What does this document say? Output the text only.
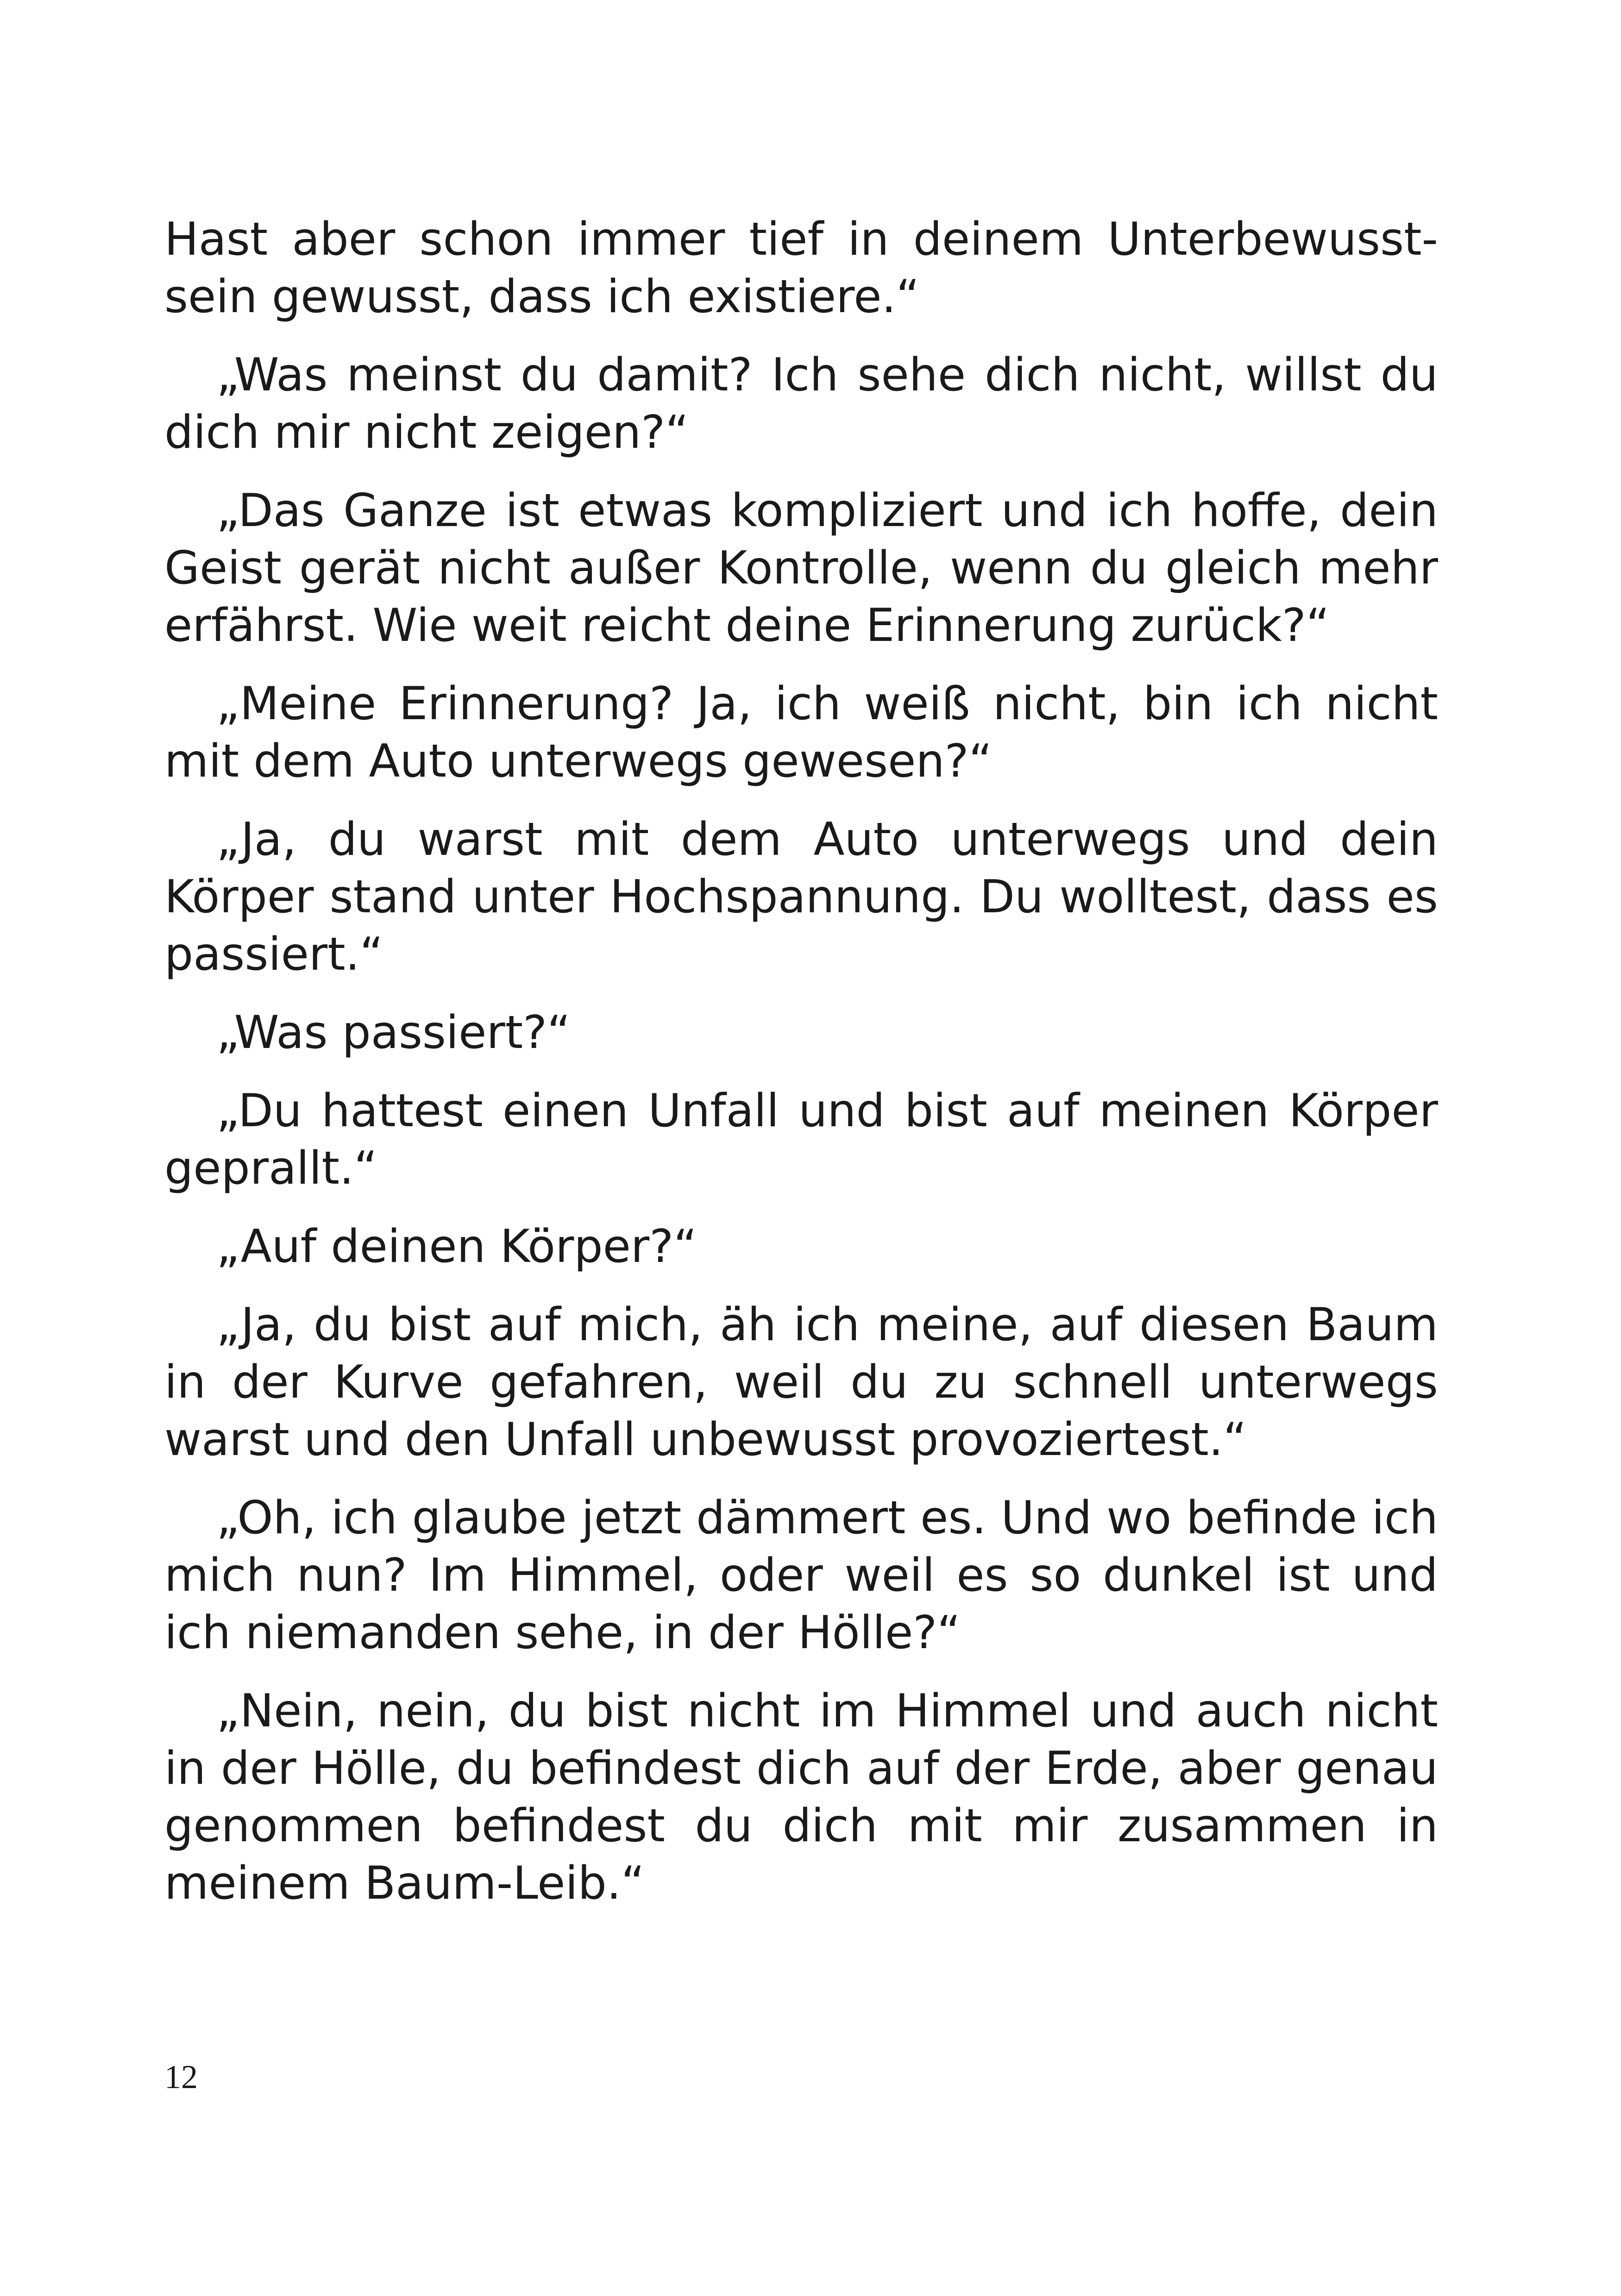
Hast aber schon immer tief in deinem Unterbewusstsein gewusst, dass ich existiere.“

„Was meinst du damit? Ich sehe dich nicht, willst du dich mir nicht zeigen?“

„Das Ganze ist etwas kompliziert und ich hoffe, dein Geist gerät nicht außer Kontrolle, wenn du gleich mehr erfährst. Wie weit reicht deine Erinnerung zurück?“

„Meine Erinnerung? Ja, ich weiß nicht, bin ich nicht mit dem Auto unterwegs gewesen?“

„Ja, du warst mit dem Auto unterwegs und dein Körper stand unter Hochspannung. Du wolltest, dass es passiert.“

„Was passiert?“

„Du hattest einen Unfall und bist auf meinen Körper geprallt.“

„Auf deinen Körper?“

„Ja, du bist auf mich, äh ich meine, auf diesen Baum in der Kurve gefahren, weil du zu schnell unterwegs warst und den Unfall unbewusst provoziertest.“

„Oh, ich glaube jetzt dämmert es. Und wo befinde ich mich nun? Im Himmel, oder weil es so dunkel ist und ich niemanden sehe, in der Hölle?“

„Nein, nein, du bist nicht im Himmel und auch nicht in der Hölle, du befindest dich auf der Erde, aber genau genommen befindest du dich mit mir zusammen in meinem Baum-Leib.“

12
